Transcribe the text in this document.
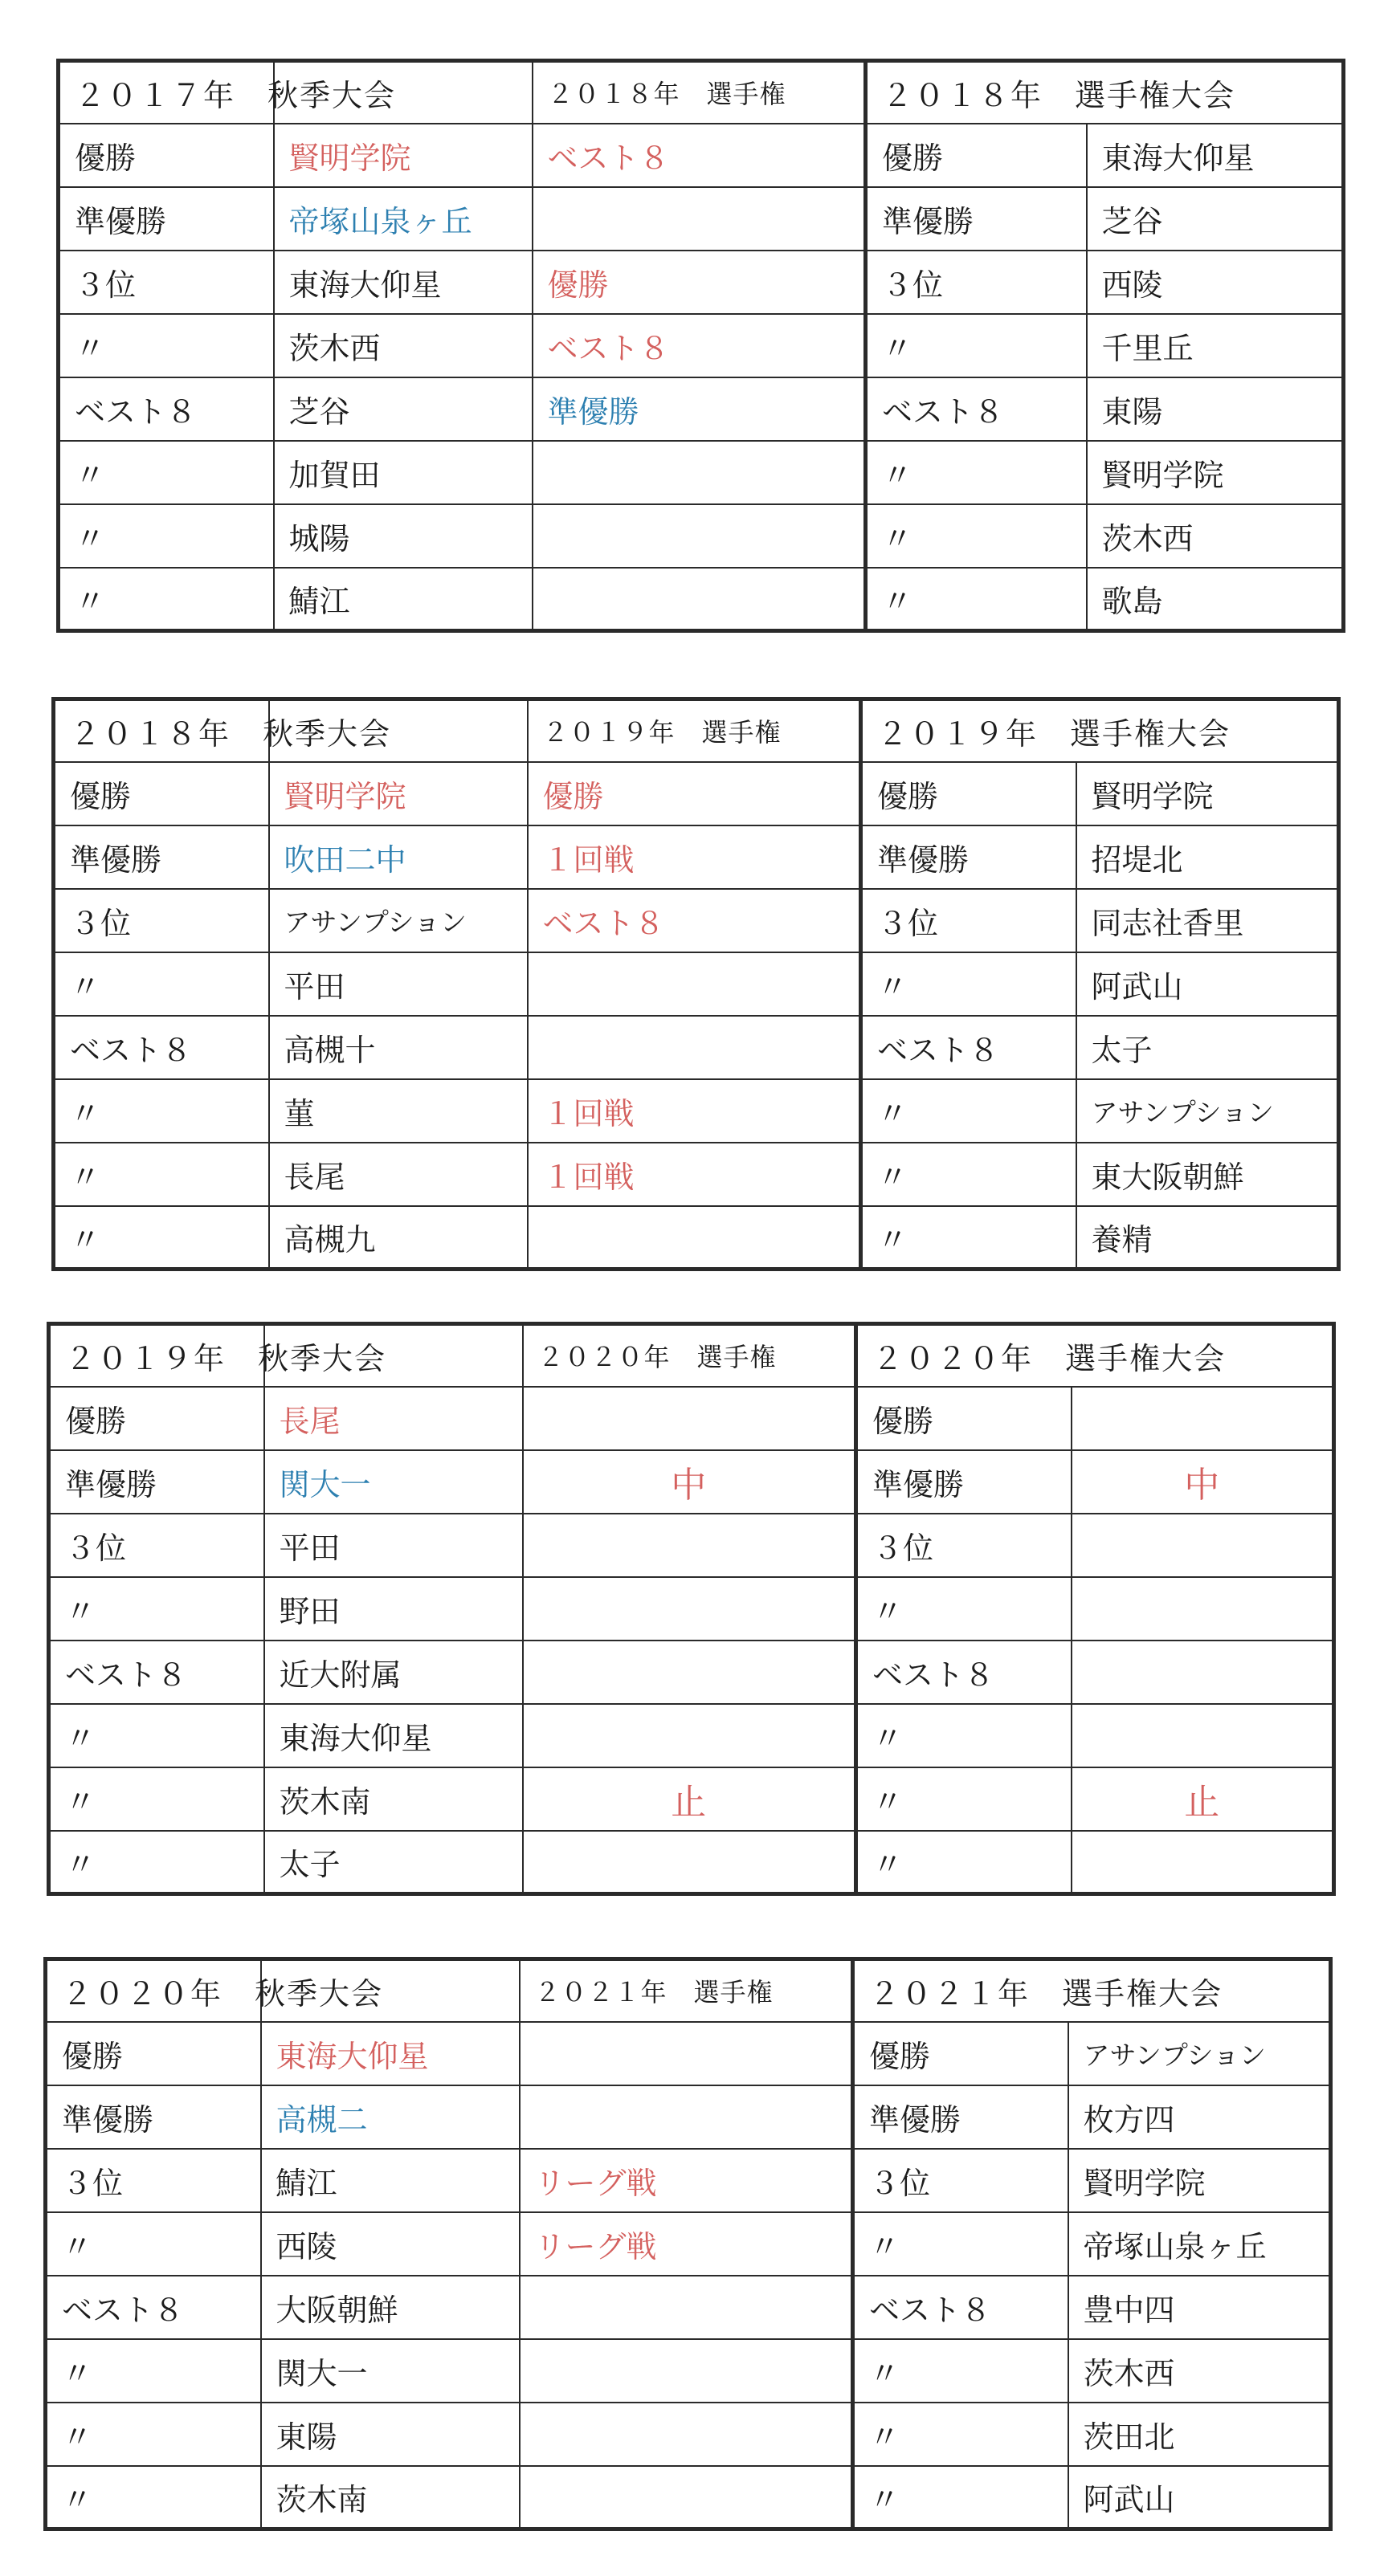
２０１７年　秋季大会		２０１８年　選手権
優勝	賢明学院	ベスト８
準優勝	帝塚山泉ヶ丘	
３位	東海大仰星	優勝
〃	茨木西	ベスト８
ベスト８	芝谷	準優勝
〃	加賀田	
〃	城陽	
〃	鯖江	
２０１８年　選手権大会	
優勝	東海大仰星
準優勝	芝谷
３位	西陵
〃	千里丘
ベスト８	東陽
〃	賢明学院
〃	茨木西
〃	歌島
２０１８年　秋季大会		２０１９年　選手権
優勝	賢明学院	優勝
準優勝	吹田二中	１回戦
３位	アサンプション	ベスト８
〃	平田	
ベスト８	高槻十	
〃	菫	１回戦
〃	長尾	１回戦
〃	高槻九	
２０１９年　選手権大会	
優勝	賢明学院
準優勝	招堤北
３位	同志社香里
〃	阿武山
ベスト８	太子
〃	アサンプション
〃	東大阪朝鮮
〃	養精
２０１９年　秋季大会		２０２０年　選手権
優勝	長尾	
準優勝	関大一	中
３位	平田	
〃	野田	
ベスト８	近大附属	
〃	東海大仰星	
〃	茨木南	止
〃	太子	
２０２０年　選手権大会	
優勝	
準優勝	中
３位	
〃	
ベスト８	
〃	
〃	止
〃	
２０２０年　秋季大会		２０２１年　選手権
優勝	東海大仰星	
準優勝	高槻二	
３位	鯖江	リーグ戦
〃	西陵	リーグ戦
ベスト８	大阪朝鮮	
〃	関大一	
〃	東陽	
〃	茨木南	
２０２１年　選手権大会	
優勝	アサンプション
準優勝	枚方四
３位	賢明学院
〃	帝塚山泉ヶ丘
ベスト８	豊中四
〃	茨木西
〃	茨田北
〃	阿武山
